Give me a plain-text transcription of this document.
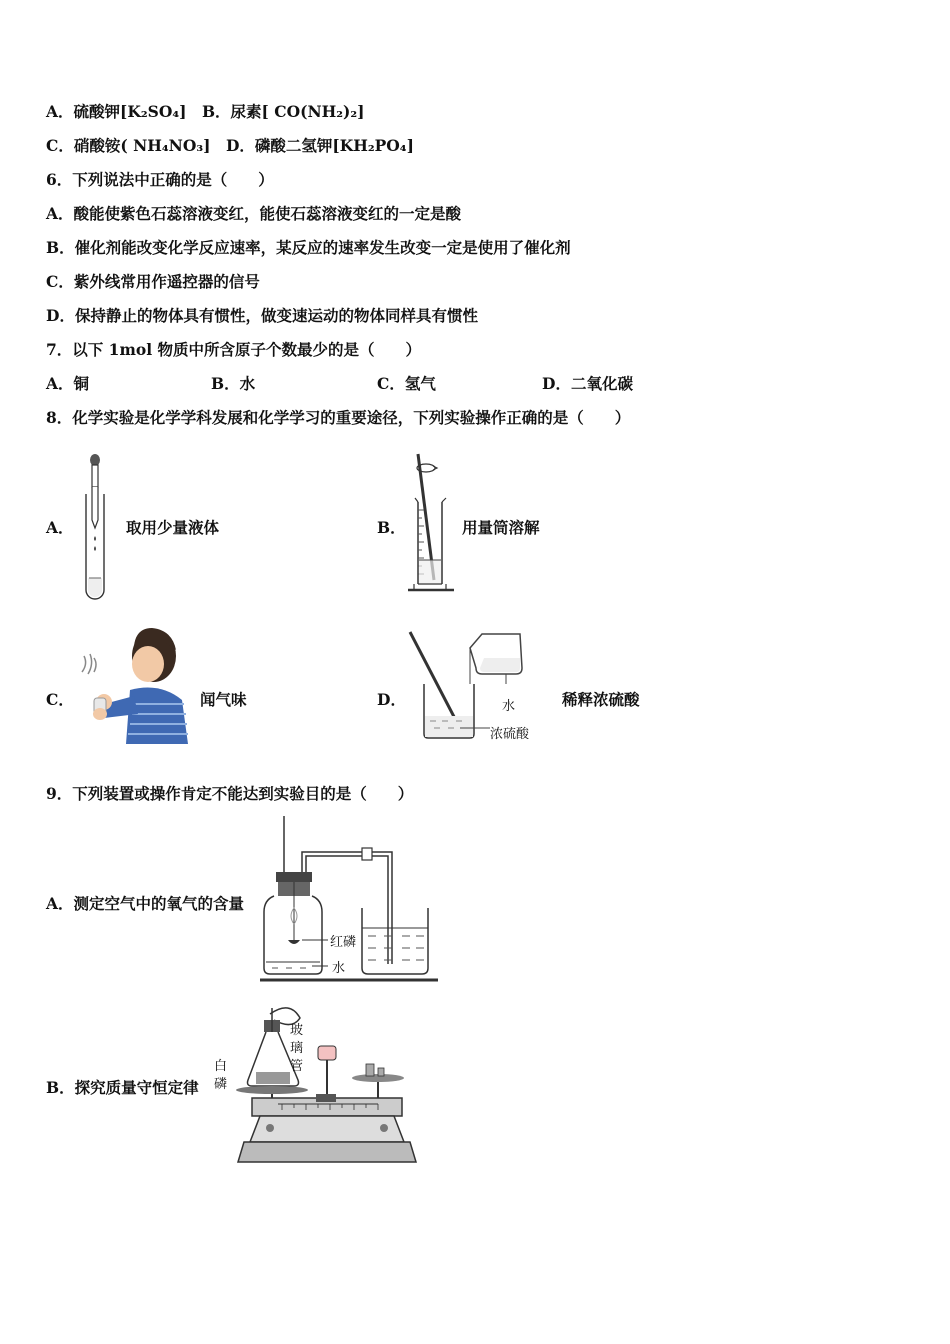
A．硫酸钾[K₂SO₄]　B．尿素[ CO(NH₂)₂]
C．硝酸铵( NH₄NO₃]　D．磷酸二氢钾[KH₂PO₄]
6．下列说法中正确的是（　　）
A．酸能使紫色石蕊溶液变红，能使石蕊溶液变红的一定是酸
B．催化剂能改变化学反应速率，某反应的速率发生改变一定是使用了催化剂
C．紫外线常用作遥控器的信号
D．保持静止的物体具有惯性，做变速运动的物体同样具有惯性
7．以下 1mol 物质中所含原子个数最少的是（　　）
A．铜	B．水	C．氢气	D．二氧化碳
8．化学实验是化学学科发展和化学学习的重要途径，下列实验操作正确的是（　　）
A．	取用少量液体	B．	用量筒溶解
C．	闻气味	D．	水
浓硫酸
稀释浓硫酸
9．下列装置或操作肯定不能达到实验目的是（　　）
A．测定空气中的氧气的含量
红磷
水
B．探究质量守恒定律
玻
璃
管
白
磷
